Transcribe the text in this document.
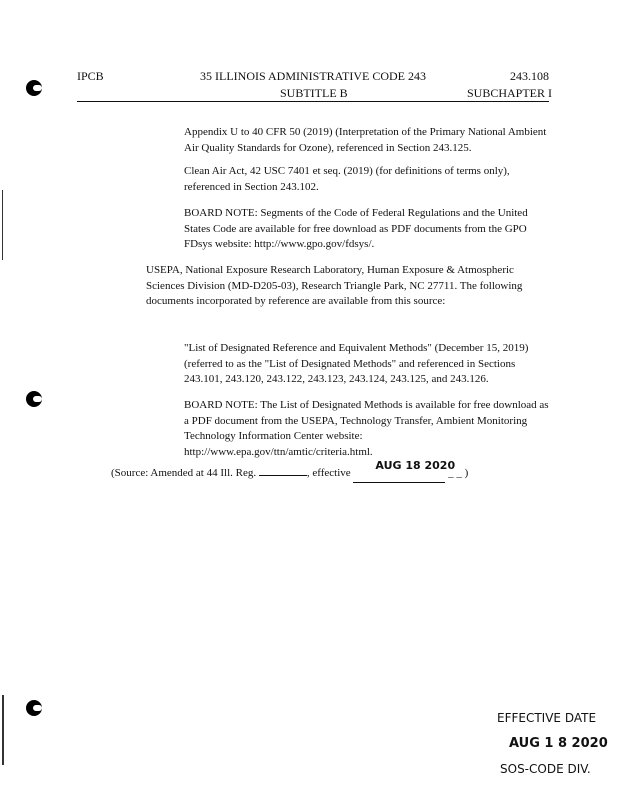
IPCB	35 ILLINOIS ADMINISTRATIVE CODE 243	243.108
SUBTITLE B	SUBCHAPTER I
Appendix U to 40 CFR 50 (2019) (Interpretation of the Primary National Ambient Air Quality Standards for Ozone), referenced in Section 243.125.
Clean Air Act, 42 USC 7401 et seq. (2019) (for definitions of terms only), referenced in Section 243.102.
BOARD NOTE: Segments of the Code of Federal Regulations and the United States Code are available for free download as PDF documents from the GPO FDsys website: http://www.gpo.gov/fdsys/.
USEPA, National Exposure Research Laboratory, Human Exposure & Atmospheric Sciences Division (MD-D205-03), Research Triangle Park, NC 27711. The following documents incorporated by reference are available from this source:
"List of Designated Reference and Equivalent Methods" (December 15, 2019) (referred to as the "List of Designated Methods" and referenced in Sections 243.101, 243.120, 243.122, 243.123, 243.124, 243.125, and 243.126.
BOARD NOTE: The List of Designated Methods is available for free download as a PDF document from the USEPA, Technology Transfer, Ambient Monitoring Technology Information Center website: http://www.epa.gov/ttn/amtic/criteria.html.
(Source: Amended at 44 Ill. Reg.	, effective
AUG 18 2020
_ _ )
EFFECTIVE DATE
AUG 1 8 2020
SOS-CODE DIV.
